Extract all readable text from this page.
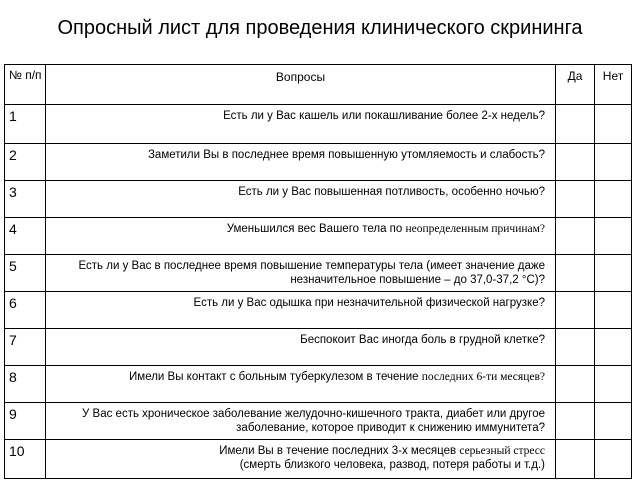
Опросный лист для проведения клинического скрининга
№ п/п	Вопросы	Да	Нет
1	Есть ли у Вас кашель или покашливание более 2-х недель?		
2	Заметили Вы в последнее время повышенную утомляемость и слабость?		
3	Есть ли у Вас повышенная потливость, особенно ночью?		
4	Уменьшился вес Вашего тела по неопределенным причинам?		
5	Есть ли у Вас в последнее время повышение температуры тела (имеет значение даже незначительное повышение – до 37,0-37,2 °С)?		
6	Есть ли у Вас одышка при незначительной физической нагрузке?		
7	Беспокоит Вас иногда боль в грудной клетке?		
8	Имели Вы контакт с больным туберкулезом в течение последних 6-ти месяцев?		
9	У Вас есть хроническое заболевание желудочно-кишечного тракта, диабет или другое заболевание, которое приводит к снижению иммунитета?		
10	Имели Вы в течение последних 3-х месяцев серьезный стресс
(смерть близкого человека, развод, потеря работы и т.д.)		
